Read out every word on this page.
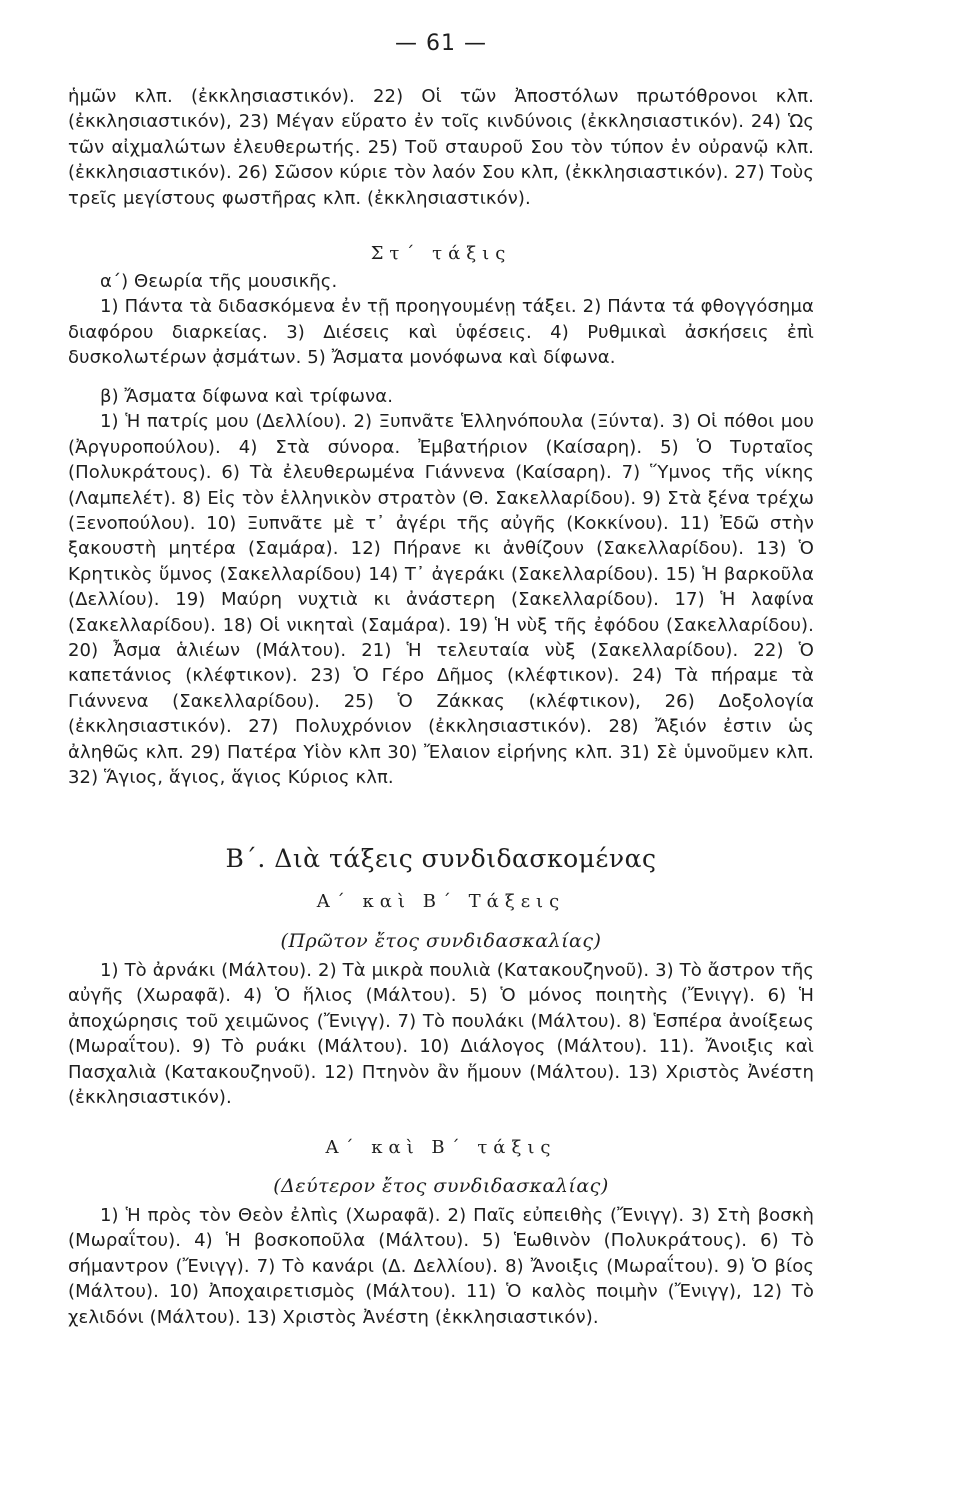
— 61 —

ἡμῶν κλπ. (ἐκκλησιαστικόν). 22) Οἱ τῶν Ἀποστόλων πρωτόθρονοι κλπ. (ἐκκλησιαστικόν), 23) Μέγαν εὕρατο ἐν τοῖς κινδύνοις (ἐκκλησιαστικόν). 24) Ὡς τῶν αἰχμαλώτων ἐλευθερωτής. 25) Τοῦ σταυροῦ Σου τὸν τύπον ἐν οὐρανῷ κλπ. (ἐκκλησιαστικόν). 26) Σῶσον κύριε τὸν λαόν Σου κλπ, (ἐκκλησιαστικόν). 27) Τοὺς τρεῖς μεγίστους φωστῆρας κλπ. (ἐκκλησιαστικόν).

Στ΄ τάξις

α΄) Θεωρία τῆς μουσικῆς.

1) Πάντα τὰ διδασκόμενα ἐν τῇ προηγουμένῃ τάξει. 2) Πάντα τά φθογγόσημα διαφόρου διαρκείας. 3) Διέσεις καὶ ὑφέσεις. 4) Ρυθμικαὶ ἀσκήσεις ἐπὶ δυσκολωτέρων ᾀσμάτων. 5) Ἄσματα μονόφωνα καὶ δίφωνα.

β) Ἄσματα δίφωνα καὶ τρίφωνα.

1) Ἡ πατρίς μου (Δελλίου). 2) Ξυπνᾶτε Ἑλληνόπουλα (Ξύντα). 3) Οἱ πόθοι μου (Ἀργυροπούλου). 4) Στὰ σύνορα. Ἐμβατήριον (Καίσαρη). 5) Ὁ Τυρταῖος (Πολυκράτους). 6) Τὰ ἐλευθερωμένα Γιάννενα (Καίσαρη). 7) Ὕμνος τῆς νίκης (Λαμπελέτ). 8) Εἰς τὸν ἑλληνικὸν στρατὸν (Θ. Σακελλαρίδου). 9) Στὰ ξένα τρέχω (Ξενοπούλου). 10) Ξυπνᾶτε μὲ τ᾽ ἀγέρι τῆς αὐγῆς (Κοκκίνου). 11) Ἐδῶ στὴν ξακουστὴ μητέρα (Σαμάρα). 12) Πήρανε κι ἀνθίζουν (Σακελλαρίδου). 13) Ὁ Κρητικὸς ὕμνος (Σακελλαρίδου) 14) Τ᾽ ἀγεράκι (Σακελλαρίδου). 15) Ἡ βαρκοῦλα (Δελλίου). 19) Μαύρη νυχτιὰ κι ἀνάστερη (Σακελλαρίδου). 17) Ἡ λαφίνα (Σακελλαρίδου). 18) Οἱ νικηταὶ (Σαμάρα). 19) Ἡ νὺξ τῆς ἐφόδου (Σακελλαρίδου). 20) Ἆσμα ἁλιέων (Μάλτου). 21) Ἡ τελευταία νὺξ (Σακελλαρίδου). 22) Ὁ καπετάνιος (κλέφτικον). 23) Ὁ Γέρο Δῆμος (κλέφτικον). 24) Τὰ πήραμε τὰ Γιάννενα (Σακελλαρίδου). 25) Ὁ Ζάκκας (κλέφτικον), 26) Δοξολογία (ἐκκλησιαστικόν). 27) Πολυχρόνιον (ἐκκλησιαστικόν). 28) Ἄξιόν ἐστιν ὡς ἀληθῶς κλπ. 29) Πατέρα Υἱὸν κλπ 30) Ἔλαιον εἰρήνης κλπ. 31) Σὲ ὑμνοῦμεν κλπ. 32) Ἅγιος, ἅγιος, ἅγιος Κύριος κλπ.

Β΄. Διὰ τάξεις συνδιδασκομένας
Α΄ καὶ Β΄ Τάξεις
(Πρῶτον ἔτος συνδιδασκαλίας)

1) Τὸ ἀρνάκι (Μάλτου). 2) Τὰ μικρὰ πουλιὰ (Κατακουζηνοῦ). 3) Τὸ ἄστρον τῆς αὐγῆς (Χωραφᾶ). 4) Ὁ ἥλιος (Μάλτου). 5) Ὁ μόνος ποιητὴς (Ἔνιγγ). 6) Ἡ ἀποχώρησις τοῦ χειμῶνος (Ἔνιγγ). 7) Τὸ πουλάκι (Μάλτου). 8) Ἑσπέρα ἀνοίξεως (Μωραΐτου). 9) Τὸ ρυάκι (Μάλτου). 10) Διάλογος (Μάλτου). 11). Ἄνοιξις καὶ Πασχαλιὰ (Κατακουζηνοῦ). 12) Πτηνὸν ἂν ἥμουν (Μάλτου). 13) Χριστὸς Ἀνέστη (ἐκκλησιαστικόν).

Α΄ καὶ Β΄ τάξις
(Δεύτερον ἔτος συνδιδασκαλίας)

1) Ἡ πρὸς τὸν Θεὸν ἐλπὶς (Χωραφᾶ). 2) Παῖς εὐπειθὴς (Ἔνιγγ). 3) Στὴ βοσκὴ (Μωραΐτου). 4) Ἡ βοσκοποῦλα (Μάλτου). 5) Ἑωθινὸν (Πολυκράτους). 6) Τὸ σήμαντρον (Ἔνιγγ). 7) Τὸ κανάρι (Δ. Δελλίου). 8) Ἄνοιξις (Μωραΐτου). 9) Ὁ βίος (Μάλτου). 10) Ἀποχαιρετισμὸς (Μάλτου). 11) Ὁ καλὸς ποιμὴν (Ἔνιγγ), 12) Τὸ χελιδόνι (Μάλτου). 13) Χριστὸς Ἀνέστη (ἐκκλησιαστικόν).
